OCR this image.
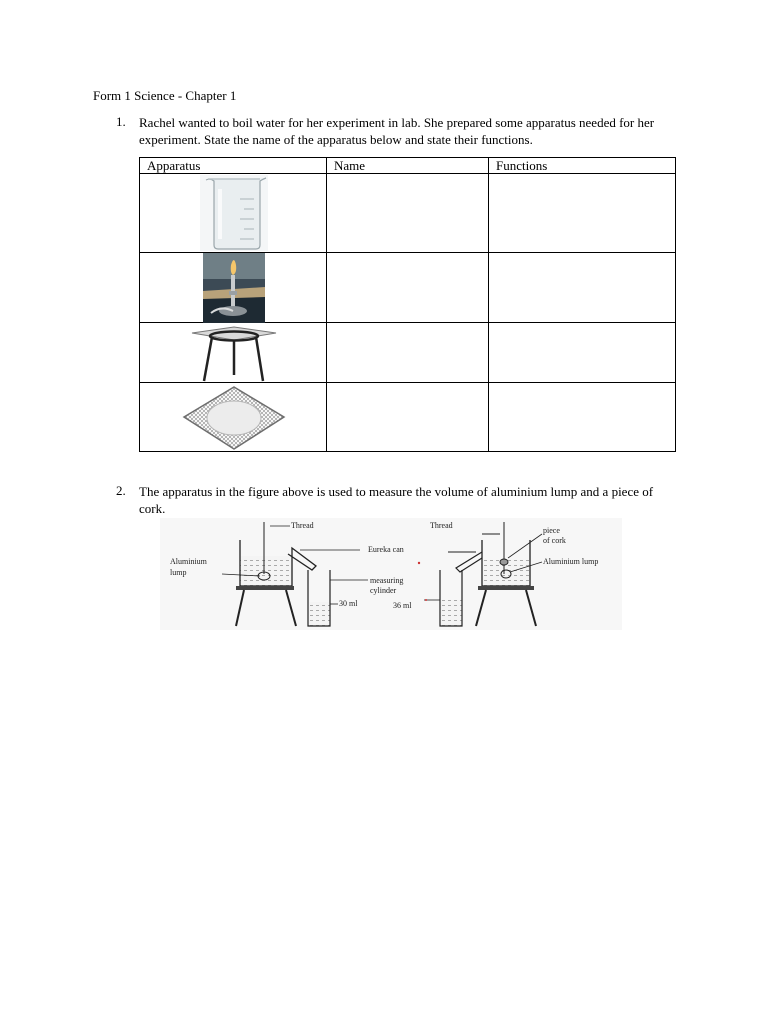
Form 1 Science - Chapter 1
1. Rachel wanted to boil water for her experiment in lab. She prepared some apparatus needed for her experiment. State the name of the apparatus below and state their functions.
Apparatus	Name	Functions

2. The apparatus in the figure above is used to measure the volume of aluminium lump and a piece of cork.
Thread	Thread
Aluminium
lump
Eureka can
measuring
cylinder
30 ml	36 ml
piece
of cork
Aluminium lump
